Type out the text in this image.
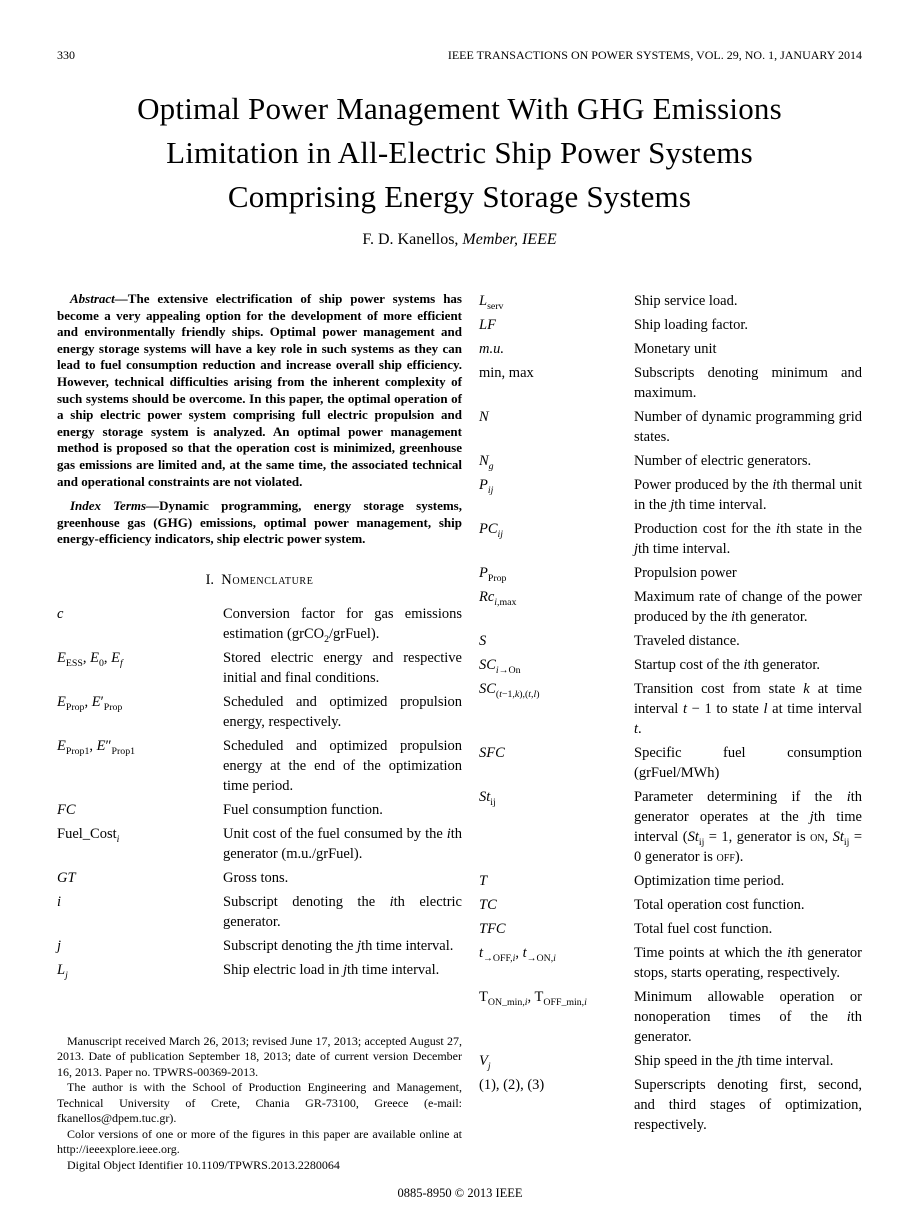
330	IEEE TRANSACTIONS ON POWER SYSTEMS, VOL. 29, NO. 1, JANUARY 2014
Optimal Power Management With GHG Emissions
Limitation in All-Electric Ship Power Systems
Comprising Energy Storage Systems
F. D. Kanellos, Member, IEEE

Abstract—The extensive electrification of ship power systems has become a very appealing option for the development of more efficient and environmentally friendly ships. Optimal power management and energy storage systems will have a key role in such systems as they can lead to fuel consumption reduction and increase overall ship efficiency. However, technical difficulties arising from the inherent complexity of such systems should be overcome. In this paper, the optimal operation of a ship electric power system comprising full electric propulsion and energy storage system is analyzed. An optimal power management method is proposed so that the operation cost is minimized, greenhouse gas emissions are limited and, at the same time, the associated technical and operational constraints are not violated.

Index Terms—Dynamic programming, energy storage systems, greenhouse gas (GHG) emissions, optimal power management, ship energy-efficiency indicators, ship electric power system.

I. Nomenclature
c	Conversion factor for gas emissions estimation (grCO$_2$/grFuel).
$E_{ESS}$, $E_0$, $E_f$	Stored electric energy and respective initial and final conditions.
$E_{Prop}$, $E'_{Prop}$	Scheduled and optimized propulsion energy, respectively.
$E_{Prop1}$, $E''_{Prop1}$	Scheduled and optimized propulsion energy at the end of the optimization time period.
FC	Fuel consumption function.
Fuel_Cost$_i$	Unit cost of the fuel consumed by the ith generator (m.u./grFuel).
GT	Gross tons.
i	Subscript denoting the ith electric generator.
j	Subscript denoting the jth time interval.
$L_j$	Ship electric load in jth time interval.

Manuscript received March 26, 2013; revised June 17, 2013; accepted August 27, 2013. Date of publication September 18, 2013; date of current version December 16, 2013. Paper no. TPWRS-00369-2013.

The author is with the School of Production Engineering and Management, Technical University of Crete, Chania GR-73100, Greece (e-mail: fkanellos@dpem.tuc.gr).

Color versions of one or more of the figures in this paper are available online at http://ieeexplore.ieee.org.

Digital Object Identifier 10.1109/TPWRS.2013.2280064

$L_{serv}$	Ship service load.
LF	Ship loading factor.
m.u.	Monetary unit
min, max	Subscripts denoting minimum and maximum.
N	Number of dynamic programming grid states.
$N_g$	Number of electric generators.
$P_{ij}$	Power produced by the ith thermal unit in the jth time interval.
$PC_{ij}$	Production cost for the ith state in the jth time interval.
$P_{Prop}$	Propulsion power
$Rc_{i,max}$	Maximum rate of change of the power produced by the ith generator.
S	Traveled distance.
$SC_{i\to On}$	Startup cost of the ith generator.
$SC_{(t-1,k),(t,l)}$	Transition cost from state k at time interval t − 1 to state l at time interval t.
SFC	Specific fuel consumption (grFuel/MWh)
$St_{ij}$	Parameter determining if the ith generator operates at the jth time interval ($St_{ij} = 1$, generator is on, $St_{ij} = 0$ generator is off).
T	Optimization time period.
TC	Total operation cost function.
TFC	Total fuel cost function.
$t_{\to OFF,i}$, $t_{\to ON,i}$	Time points at which the ith generator stops, starts operating, respectively.
$T_{ON\_min,i}$, $T_{OFF\_min,i}$	Minimum allowable operation or nonoperation times of the ith generator.
$V_j$	Ship speed in the jth time interval.
(1), (2), (3)	Superscripts denoting first, second, and third stages of optimization, respectively.
0885-8950 © 2013 IEEE
